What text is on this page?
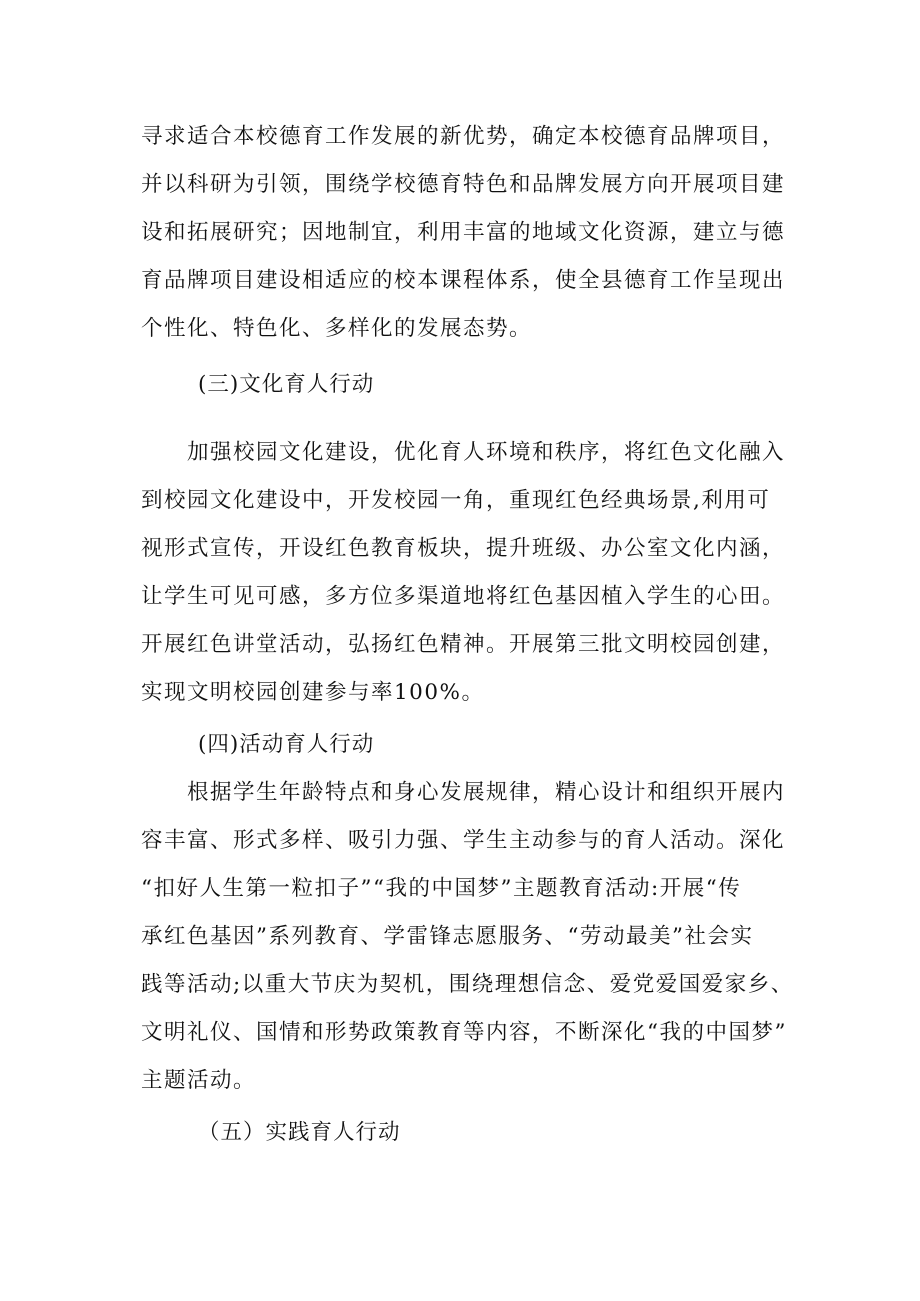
寻求适合本校德育工作发展的新优势，确定本校德育品牌项目，
并以科研为引领，围绕学校德育特色和品牌发展方向开展项目建
设和拓展研究；因地制宜，利用丰富的地域文化资源，建立与德
育品牌项目建设相适应的校本课程体系，使全县德育工作呈现出
个性化、特色化、多样化的发展态势。
(三)文化育人行动
加强校园文化建设，优化育人环境和秩序，将红色文化融入
到校园文化建设中，开发校园一角，重现红色经典场景,利用可
视形式宣传，开设红色教育板块，提升班级、办公室文化内涵，
让学生可见可感，多方位多渠道地将红色基因植入学生的心田。
开展红色讲堂活动，弘扬红色精神。开展第三批文明校园创建，
实现文明校园创建参与率100%。
(四)活动育人行动
根据学生年龄特点和身心发展规律，精心设计和组织开展内
容丰富、形式多样、吸引力强、学生主动参与的育人活动。深化
“扣好人生第一粒扣子”“我的中国梦”主题教育活动:开展“传
承红色基因”系列教育、学雷锋志愿服务、“劳动最美”社会实
践等活动;以重大节庆为契机，围绕理想信念、爱党爱国爱家乡、
文明礼仪、国情和形势政策教育等内容，不断深化“我的中国梦”
主题活动。
（五）实践育人行动
